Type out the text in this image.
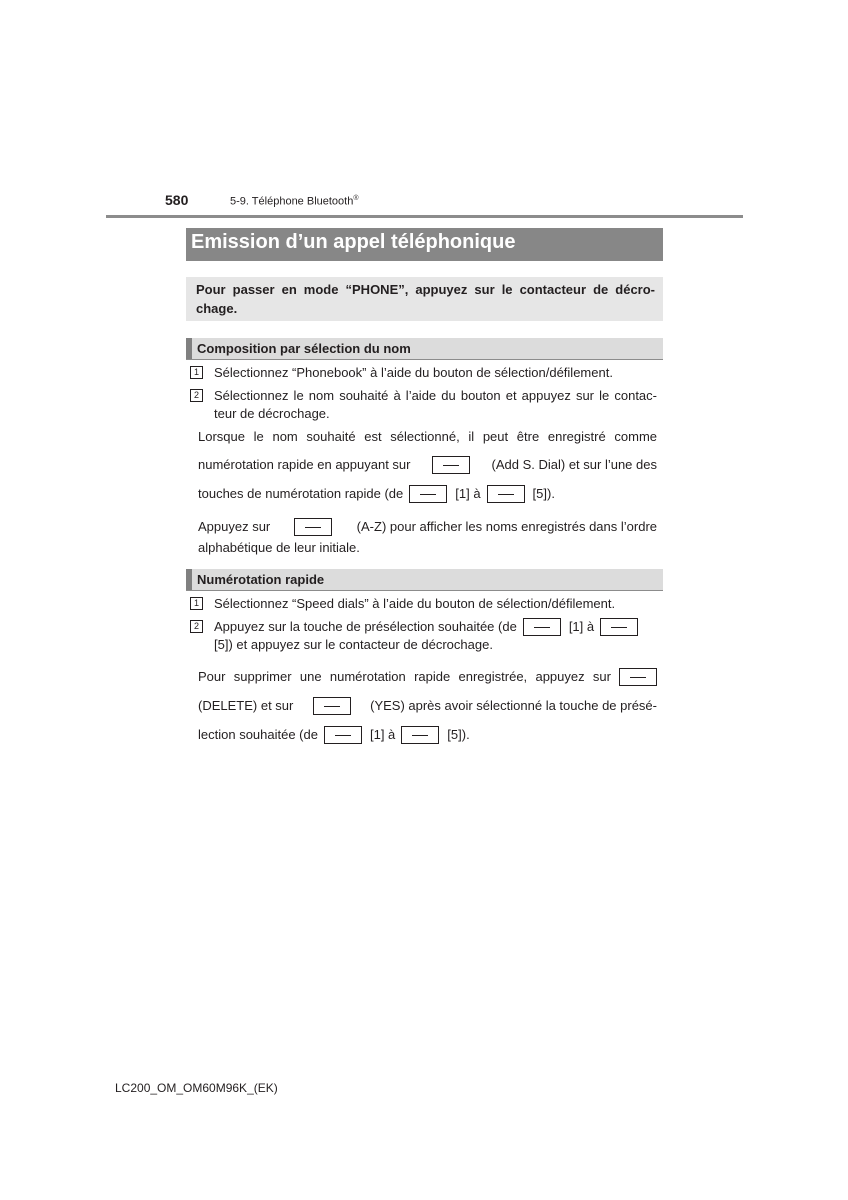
580	5-9. Téléphone Bluetooth®
Emission d’un appel téléphonique
Pour passer en mode “PHONE”, appuyez sur le contacteur de décro-chage.
Composition par sélection du nom
1	Sélectionnez “Phonebook” à l’aide du bouton de sélection/défilement.
2	Sélectionnez le nom souhaité à l’aide du bouton et appuyez sur le contac-
teur de décrochage.
Lorsque le nom souhaité est sélectionné, il peut être enregistré comme
numérotation rapide en appuyant sur	(Add S. Dial) et sur l’une des
touches de numérotation rapide (de	[1] à	[5]).
Appuyez sur	(A-Z) pour afficher les noms enregistrés dans l’ordre
alphabétique de leur initiale.
Numérotation rapide
1	Sélectionnez “Speed dials” à l’aide du bouton de sélection/défilement.
2	Appuyez sur la touche de présélection souhaitée (de	[1] à
[5]) et appuyez sur le contacteur de décrochage.
Pour supprimer une numérotation rapide enregistrée, appuyez sur
(DELETE) et sur	(YES) après avoir sélectionné la touche de présé-
lection souhaitée (de	[1] à	[5]).
LC200_OM_OM60M96K_(EK)
